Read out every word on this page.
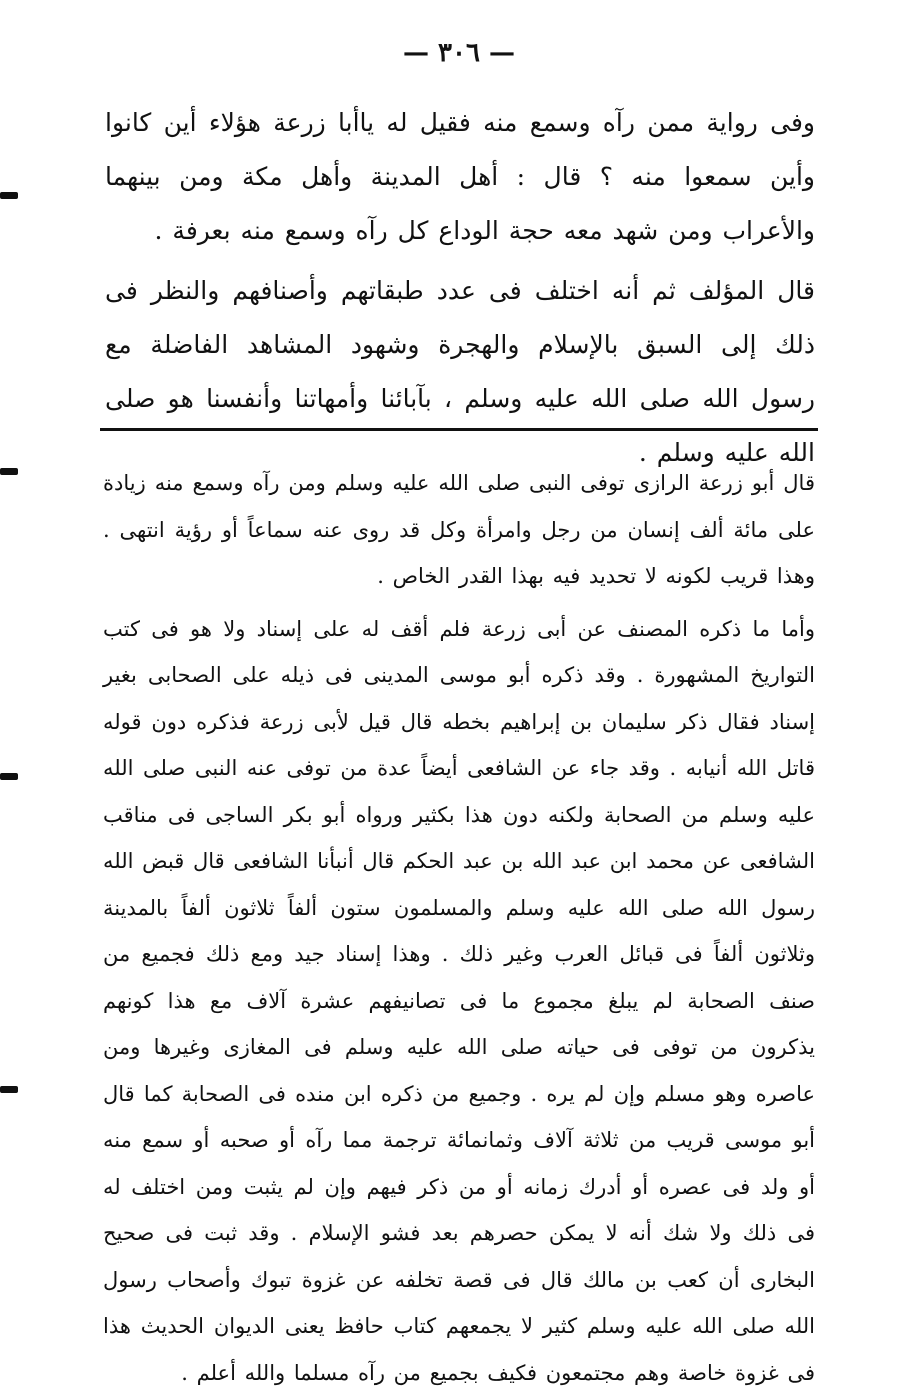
— ٣٠٦ —

وفى رواية ممن رآه وسمع منه فقيل له ياأبا زرعة هؤلاء أين كانوا وأين سمعوا منه ؟ قال : أهل المدينة وأهل مكة ومن بينهما والأعراب ومن شهد معه حجة الوداع كل رآه وسمع منه بعرفة .

قال المؤلف ثم أنه اختلف فى عدد طبقاتهم وأصنافهم والنظر فى ذلك إلى السبق بالإسلام والهجرة وشهود المشاهد الفاضلة مع رسول الله صلى الله عليه وسلم ، بآبائنا وأمهاتنا وأنفسنا هو صلى الله عليه وسلم .

قال أبو زرعة الرازى توفى النبى صلى الله عليه وسلم ومن رآه وسمع منه زيادة على مائة ألف إنسان من رجل وامرأة وكل قد روى عنه سماعاً أو رؤية انتهى . وهذا قريب لكونه لا تحديد فيه بهذا القدر الخاص .

وأما ما ذكره المصنف عن أبى زرعة فلم أقف له على إسناد ولا هو فى كتب التواريخ المشهورة . وقد ذكره أبو موسى المدينى فى ذيله على الصحابى بغير إسناد فقال ذكر سليمان بن إبراهيم بخطه قال قيل لأبى زرعة فذكره دون قوله قاتل الله أنيابه . وقد جاء عن الشافعى أيضاً عدة من توفى عنه النبى صلى الله عليه وسلم من الصحابة ولكنه دون هذا بكثير ورواه أبو بكر الساجى فى مناقب الشافعى عن محمد ابن عبد الله بن عبد الحكم قال أنبأنا الشافعى قال قبض الله رسول الله صلى الله عليه وسلم والمسلمون ستون ألفاً ثلاثون ألفاً بالمدينة وثلاثون ألفاً فى قبائل العرب وغير ذلك . وهذا إسناد جيد ومع ذلك فجميع من صنف الصحابة لم يبلغ مجموع ما فى تصانيفهم عشرة آلاف مع هذا كونهم يذكرون من توفى فى حياته صلى الله عليه وسلم فى المغازى وغيرها ومن عاصره وهو مسلم وإن لم يره . وجميع من ذكره ابن منده فى الصحابة كما قال أبو موسى قريب من ثلاثة آلاف وثمانمائة ترجمة مما رآه أو صحبه أو سمع منه أو ولد فى عصره أو أدرك زمانه أو من ذكر فيهم وإن لم يثبت ومن اختلف له فى ذلك ولا شك أنه لا يمكن حصرهم بعد فشو الإسلام . وقد ثبت فى صحيح البخارى أن كعب بن مالك قال فى قصة تخلفه عن غزوة تبوك وأصحاب رسول الله صلى الله عليه وسلم كثير لا يجمعهم كتاب حافظ يعنى الديوان الحديث هذا فى غزوة خاصة وهم مجتمعون فكيف بجميع من رآه مسلما والله أعلم .
